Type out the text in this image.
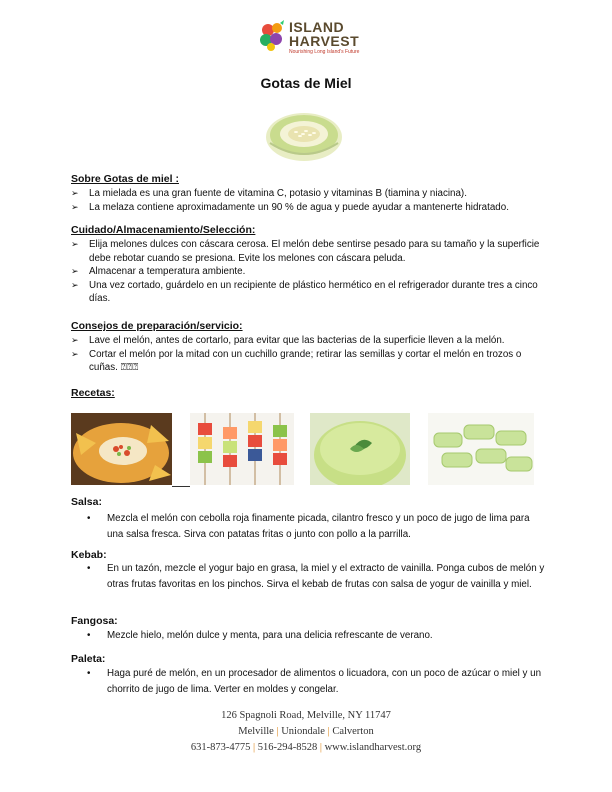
ISLAND
HARVEST
Nourishing Long Island's Future
Gotas de Miel
Sobre Gotas de miel :
➢ La mielada es una gran fuente de vitamina C, potasio y vitaminas B (tiamina y niacina).
➢ La melaza contiene aproximadamente un 90 % de agua y puede ayudar a mantenerte hidratado.
Cuidado/Almacenamiento/Selección:
➢ Elija melones dulces con cáscara cerosa. El melón debe sentirse pesado para su tamaño y la superficie debe rebotar cuando se presiona. Evite los melones con cáscara peluda.
➢ Almacenar a temperatura ambiente.
➢ Una vez cortado, guárdelo en un recipiente de plástico hermético en el refrigerador durante tres a cinco días.
Consejos de preparación/servicio:
➢ Lave el melón, antes de cortarlo, para evitar que las bacterias de la superficie lleven a la melón.
➢ Cortar el melón por la mitad con un cuchillo grande; retirar las semillas y cortar el melón en trozos o cuñas. ⍰⍰⍰
Recetas:
Salsa:
• Mezcla el melón con cebolla roja finamente picada, cilantro fresco y un poco de jugo de lima para una salsa fresca. Sirva con patatas fritas o junto con pollo a la parrilla.
Kebab:
• En un tazón, mezcle el yogur bajo en grasa, la miel y el extracto de vainilla. Ponga cubos de melón y otras frutas favoritas en los pinchos. Sirva el kebab de frutas con salsa de yogur de vainilla y miel.
Fangosa:
• Mezcle hielo, melón dulce y menta, para una delicia refrescante de verano.
Paleta:
• Haga puré de melón, en un procesador de alimentos o licuadora, con un poco de azúcar o miel y un chorrito de jugo de lima. Verter en moldes y congelar.
126 Spagnoli Road, Melville, NY 11747
Melville | Uniondale | Calverton
631-873-4775 | 516-294-8528 | www.islandharvest.org
